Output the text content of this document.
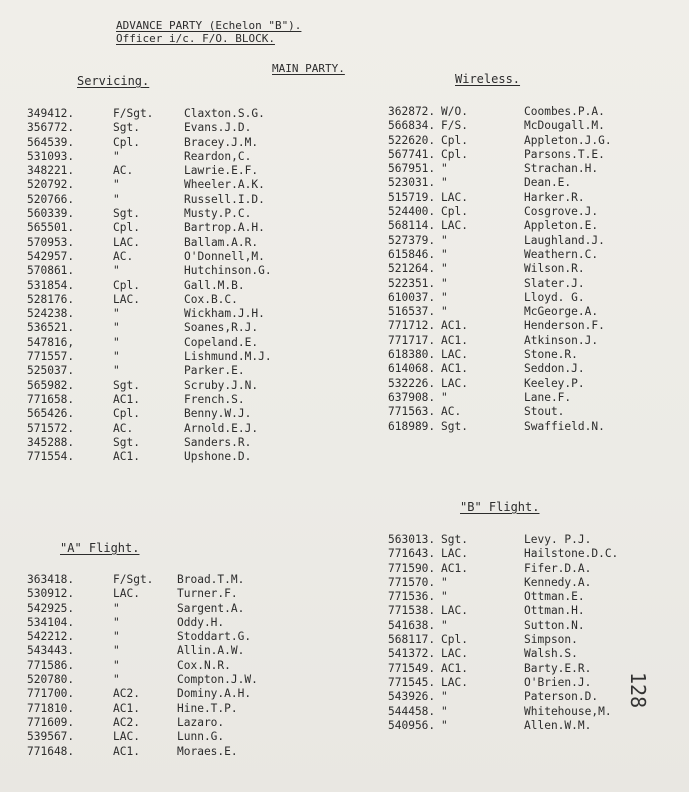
ADVANCE PARTY (Echelon "B").
Officer i/c. F/O. BLOCK.
MAIN PARTY.
Servicing.	Wireless.
"A" Flight.
"B" Flight.
349412.	F/Sgt.	Claxton.S.G.
356772.	Sgt.	Evans.J.D.
564539.	Cpl.	Bracey.J.M.
531093.	"	Reardon,C.
348221.	AC.	Lawrie.E.F.
520792.	"	Wheeler.A.K.
520766.	"	Russell.I.D.
560339.	Sgt.	Musty.P.C.
565501.	Cpl.	Bartrop.A.H.
570953.	LAC.	Ballam.A.R.
542957.	AC.	O'Donnell,M.
570861.	"	Hutchinson.G.
531854.	Cpl.	Gall.M.B.
528176.	LAC.	Cox.B.C.
524238.	"	Wickham.J.H.
536521.	"	Soanes,R.J.
547816,	"	Copeland.E.
771557.	"	Lishmund.M.J.
525037.	"	Parker.E.
565982.	Sgt.	Scruby.J.N.
771658.	AC1.	French.S.
565426.	Cpl.	Benny.W.J.
571572.	AC.	Arnold.E.J.
345288.	Sgt.	Sanders.R.
771554.	AC1.	Upshone.D.
363418.	F/Sgt. Broad.T.M.
530912.	LAC.	Turner.F.
542925.	"	Sargent.A.
534104.	"	Oddy.H.
542212.	"	Stoddart.G.
543443.	"	Allin.A.W.
771586.	"	Cox.N.R.
520780.	"	Compton.J.W.
771700.	AC2.	Dominy.A.H.
771810.	AC1.	Hine.T.P.
771609.	AC2.	Lazaro.
539567.	LAC.	Lunn.G.
771648.	AC1.	Moraes.E.
362872. W/O.	Coombes.P.A.
566834. F/S.	McDougall.M.
522620. Cpl.	Appleton.J.G.
567741. Cpl.	Parsons.T.E.
567951. "	Strachan.H.
523031. "	Dean.E.
515719. LAC.	Harker.R.
524400. Cpl.	Cosgrove.J.
568114. LAC.	Appleton.E.
527379. "	Laughland.J.
615846. "	Weathern.C.
521264. "	Wilson.R.
522351. "	Slater.J.
610037. "	Lloyd. G.
516537. "	McGeorge.A.
771712. AC1.	Henderson.F.
771717. AC1.	Atkinson.J.
618380. LAC.	Stone.R.
614068. AC1.	Seddon.J.
532226. LAC.	Keeley.P.
637908. "	Lane.F.
771563. AC.	Stout.
618989. Sgt.	Swaffield.N.
563013. Sgt.	Levy. P.J.
771643. LAC.	Hailstone.D.C.
771590. AC1.	Fifer.D.A.
771570. "	Kennedy.A.
771536. "	Ottman.E.
771538. LAC.	Ottman.H.
541638. "	Sutton.N.
568117. Cpl.	Simpson.
541372. LAC.	Walsh.S.
771549. AC1.	Barty.E.R.
771545. LAC.	O'Brien.J.
543926. "	Paterson.D.
544458. "	Whitehouse,M.
540956. "	Allen.W.M.
128
